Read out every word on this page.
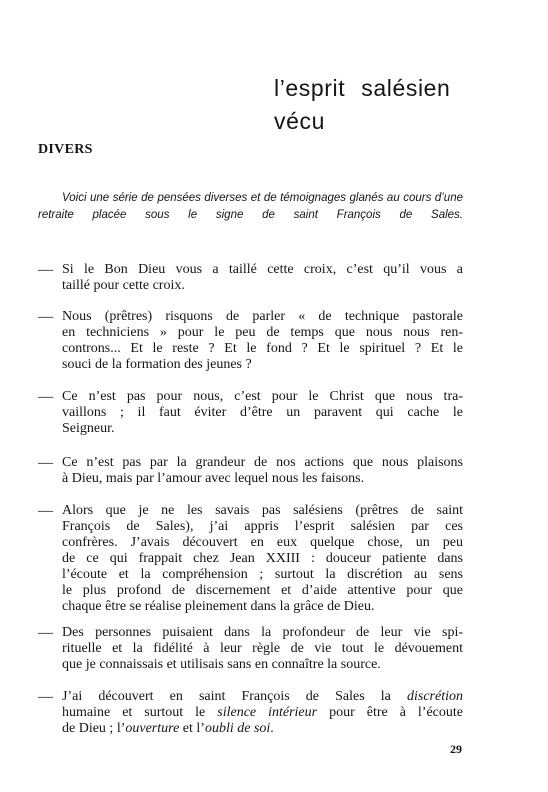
l’esprit salésien
vécu
DIVERS

Voici une série de pensées diverses et de témoignages glanés au cours d’une retraite placée sous le signe de saint François de Sales.

— Si le Bon Dieu vous a taillé cette croix, c’est qu’il vous a
taillé pour cette croix.
— Nous (prêtres) risquons de parler « de technique pastorale
en techniciens » pour le peu de temps que nous nous ren-
controns... Et le reste ? Et le fond ? Et le spirituel ? Et le
souci de la formation des jeunes ?
— Ce n’est pas pour nous, c’est pour le Christ que nous tra-
vaillons ; il faut éviter d’être un paravent qui cache le
Seigneur.
— Ce n’est pas par la grandeur de nos actions que nous plaisons
à Dieu, mais par l’amour avec lequel nous les faisons.
— Alors que je ne les savais pas salésiens (prêtres de saint
François de Sales), j’ai appris l’esprit salésien par ces
confrères. J’avais découvert en eux quelque chose, un peu
de ce qui frappait chez Jean XXIII : douceur patiente dans
l’écoute et la compréhension ; surtout la discrétion au sens
le plus profond de discernement et d’aide attentive pour que
chaque être se réalise pleinement dans la grâce de Dieu.
— Des personnes puisaient dans la profondeur de leur vie spi-
rituelle et la fidélité à leur règle de vie tout le dévouement
que je connaissais et utilisais sans en connaître la source.
— J’ai découvert en saint François de Sales la discrétion
humaine et surtout le silence intérieur pour être à l’écoute
de Dieu ; l’ouverture et l’oubli de soi.
29
